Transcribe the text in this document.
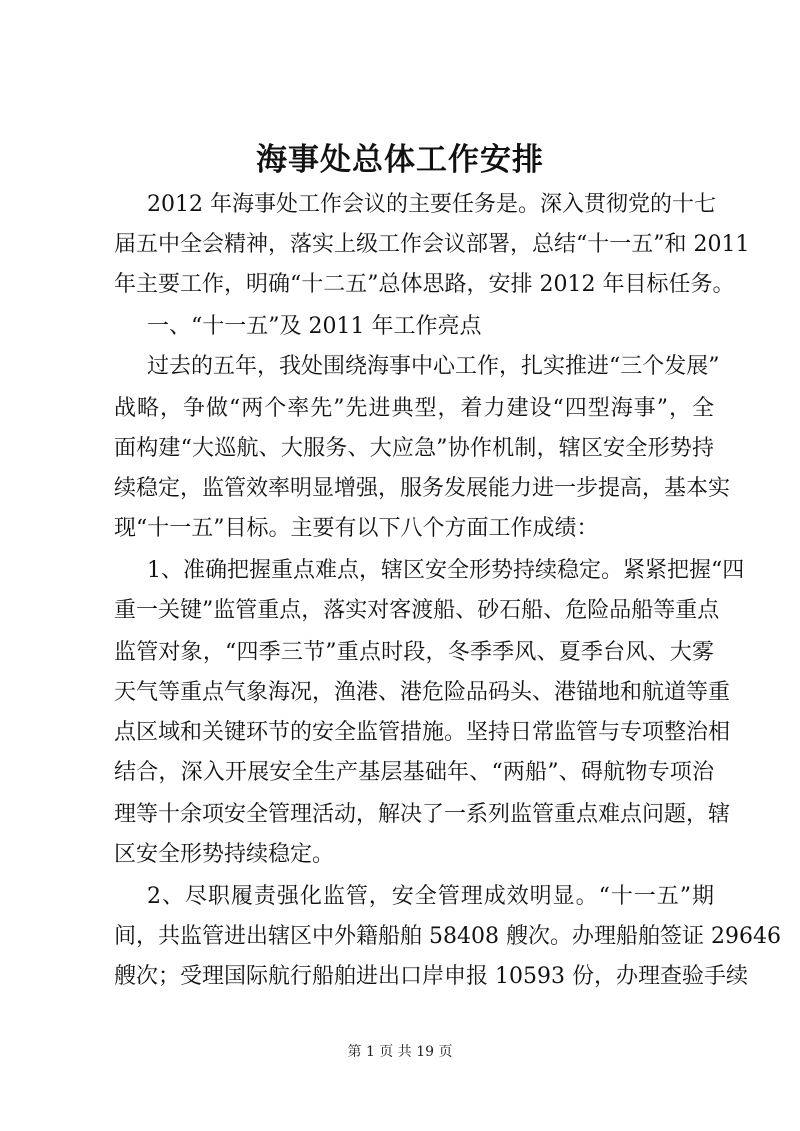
海事处总体工作安排

2012 年海事处工作会议的主要任务是。深入贯彻党的十七

届五中全会精神，落实上级工作会议部署，总结“十一五”和 2011

年主要工作，明确“十二五”总体思路，安排 2012 年目标任务。

一、“十一五”及 2011 年工作亮点

过去的五年，我处围绕海事中心工作，扎实推进“三个发展”

战略，争做“两个率先”先进典型，着力建设“四型海事”，全

面构建“大巡航、大服务、大应急”协作机制，辖区安全形势持

续稳定，监管效率明显增强，服务发展能力进一步提高，基本实

现“十一五”目标。主要有以下八个方面工作成绩：

1、准确把握重点难点，辖区安全形势持续稳定。紧紧把握“四

重一关键”监管重点，落实对客渡船、砂石船、危险品船等重点

监管对象，“四季三节”重点时段，冬季季风、夏季台风、大雾

天气等重点气象海况，渔港、港危险品码头、港锚地和航道等重

点区域和关键环节的安全监管措施。坚持日常监管与专项整治相

结合，深入开展安全生产基层基础年、“两船”、碍航物专项治

理等十余项安全管理活动，解决了一系列监管重点难点问题，辖

区安全形势持续稳定。

2、尽职履责强化监管，安全管理成效明显。“十一五”期

间，共监管进出辖区中外籍船舶 58408 艘次。办理船舶签证 29646

艘次；受理国际航行船舶进出口岸申报 10593 份，办理查验手续

第 1 页 共 19 页
